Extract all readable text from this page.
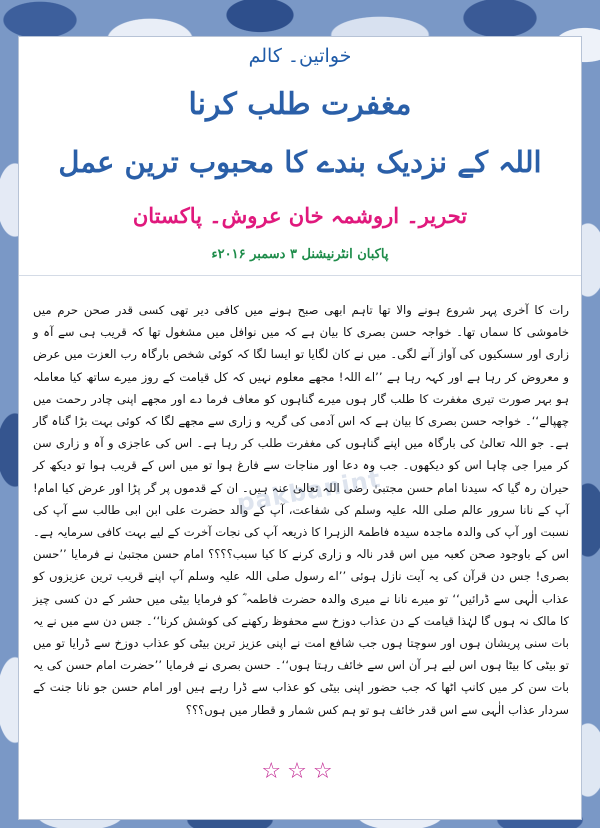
خواتین۔ کالم
مغفرت طلب کرنا
اللہ کے نزدیک بندے کا محبوب ترین عمل
تحریر۔ اروشمہ خان عروش۔ پاکستان
پاکبان انٹرنیشنل ۳ دسمبر ۲۰۱۶ء
رات کا آخری پہر شروع ہونے والا تھا تاہم ابھی صبح ہونے میں کافی دیر تھی کسی قدر صحن حرم میں خاموشی کا سماں تھا۔ خواجہ حسن بصری کا بیان ہے کہ میں نوافل میں مشغول تھا کہ قریب ہی سے آہ و زاری اور سسکیوں کی آواز آنے لگی۔ میں نے کان لگایا تو ایسا لگا کہ کوئی شخص بارگاہ رب العزت میں عرض و معروض کر رہا ہے اور کہہ رہا ہے ’’اے اللہ! مجھے معلوم نہیں کہ کل قیامت کے روز میرے ساتھ کیا معاملہ ہو بہر صورت تیری مغفرت کا طلب گار ہوں میرے گناہوں کو معاف فرما دے اور مجھے اپنی چادر رحمت میں چھپالے‘‘۔ خواجہ حسن بصری کا بیان ہے کہ اس آدمی کی گریہ و زاری سے مجھے لگا کہ کوئی بہت بڑا گناہ گار ہے۔ جو اللہ تعالیٰ کی بارگاہ میں اپنے گناہوں کی مغفرت طلب کر رہا ہے۔ اس کی عاجزی و آہ و زاری سن کر میرا جی چاہا اس کو دیکھوں۔ جب وہ دعا اور مناجات سے فارغ ہوا تو میں اس کے قریب ہوا تو دیکھ کر حیران رہ گیا کہ سیدنا امام حسن مجتبیٰ رضی اللہ تعالیٰ عنہ ہیں۔ ان کے قدموں پر گر پڑا اور عرض کیا امام! آپ کے نانا سرور عالم صلی اللہ علیہ وسلم کی شفاعت، آپ کے والد حضرت علی ابن ابی طالب سے آپ کی نسبت اور آپ کی والدہ ماجدہ سیدہ فاطمۃ الزہرا کا ذریعہ آپ کی نجات آخرت کے لیے بہت کافی سرمایہ ہے۔ اس کے باوجود صحن کعبہ میں اس قدر نالہ و زاری کرنے کا کیا سبب؟؟؟؟ امام حسن مجتبیٰ نے فرمایا ’’حسن بصری! جس دن قرآن کی یہ آیت نازل ہوئی ’’اے رسول صلی اللہ علیہ وسلم آپ اپنے قریب ترین عزیزوں کو عذاب الٰہی سے ڈرائیں‘‘ تو میرے نانا نے میری والدہ حضرت فاطمہ ؓ کو فرمایا بیٹی میں حشر کے دن کسی چیز کا مالک نہ ہوں گا لہٰذا قیامت کے دن عذاب دوزخ سے محفوظ رکھنے کی کوشش کرنا‘‘۔ جس دن سے میں نے یہ بات سنی پریشان ہوں اور سوچتا ہوں جب شافع امت نے اپنی عزیز ترین بیٹی کو عذاب دوزخ سے ڈرایا تو میں تو بیٹی کا بیٹا ہوں اس لیے ہر آن اس سے خائف رہتا ہوں‘‘۔ حسن بصری نے فرمایا ’’حضرت امام حسن کی یہ بات سن کر میں کانپ اٹھا کہ جب حضور اپنی بیٹی کو عذاب سے ڈرا رہے ہیں اور امام حسن جو نانا جنت کے سردار عذاب الٰہی سے اس قدر خائف ہو تو ہم کس شمار و قطار میں ہوں؟؟؟
pakbanint
☆☆☆
